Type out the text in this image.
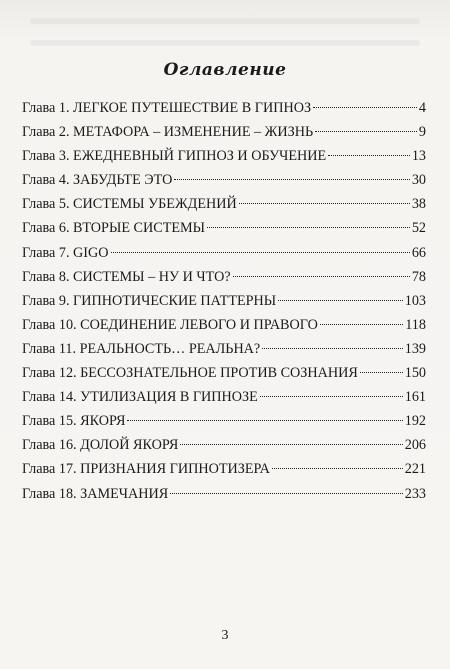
Оглавление
Глава 1. ЛЕГКОЕ ПУТЕШЕСТВИЕ В ГИПНОЗ	4
Глава 2. МЕТАФОРА – ИЗМЕНЕНИЕ – ЖИЗНЬ	9
Глава 3. ЕЖЕДНЕВНЫЙ ГИПНОЗ И ОБУЧЕНИЕ	13
Глава 4. ЗАБУДЬТЕ ЭТО	30
Глава 5. СИСТЕМЫ УБЕЖДЕНИЙ	38
Глава 6. ВТОРЫЕ СИСТЕМЫ	52
Глава 7. GIGO	66
Глава 8. СИСТЕМЫ – НУ И ЧТО?	78
Глава 9. ГИПНОТИЧЕСКИЕ ПАТТЕРНЫ	103
Глава 10. СОЕДИНЕНИЕ ЛЕВОГО И ПРАВОГО	118
Глава 11. РЕАЛЬНОСТЬ… РЕАЛЬНА?	139
Глава 12. БЕССОЗНАТЕЛЬНОЕ ПРОТИВ СОЗНАНИЯ	150
Глава 14. УТИЛИЗАЦИЯ В ГИПНОЗЕ	161
Глава 15. ЯКОРЯ	192
Глава 16. ДОЛОЙ ЯКОРЯ	206
Глава 17. ПРИЗНАНИЯ ГИПНОТИЗЕРА	221
Глава 18. ЗАМЕЧАНИЯ	233
3
